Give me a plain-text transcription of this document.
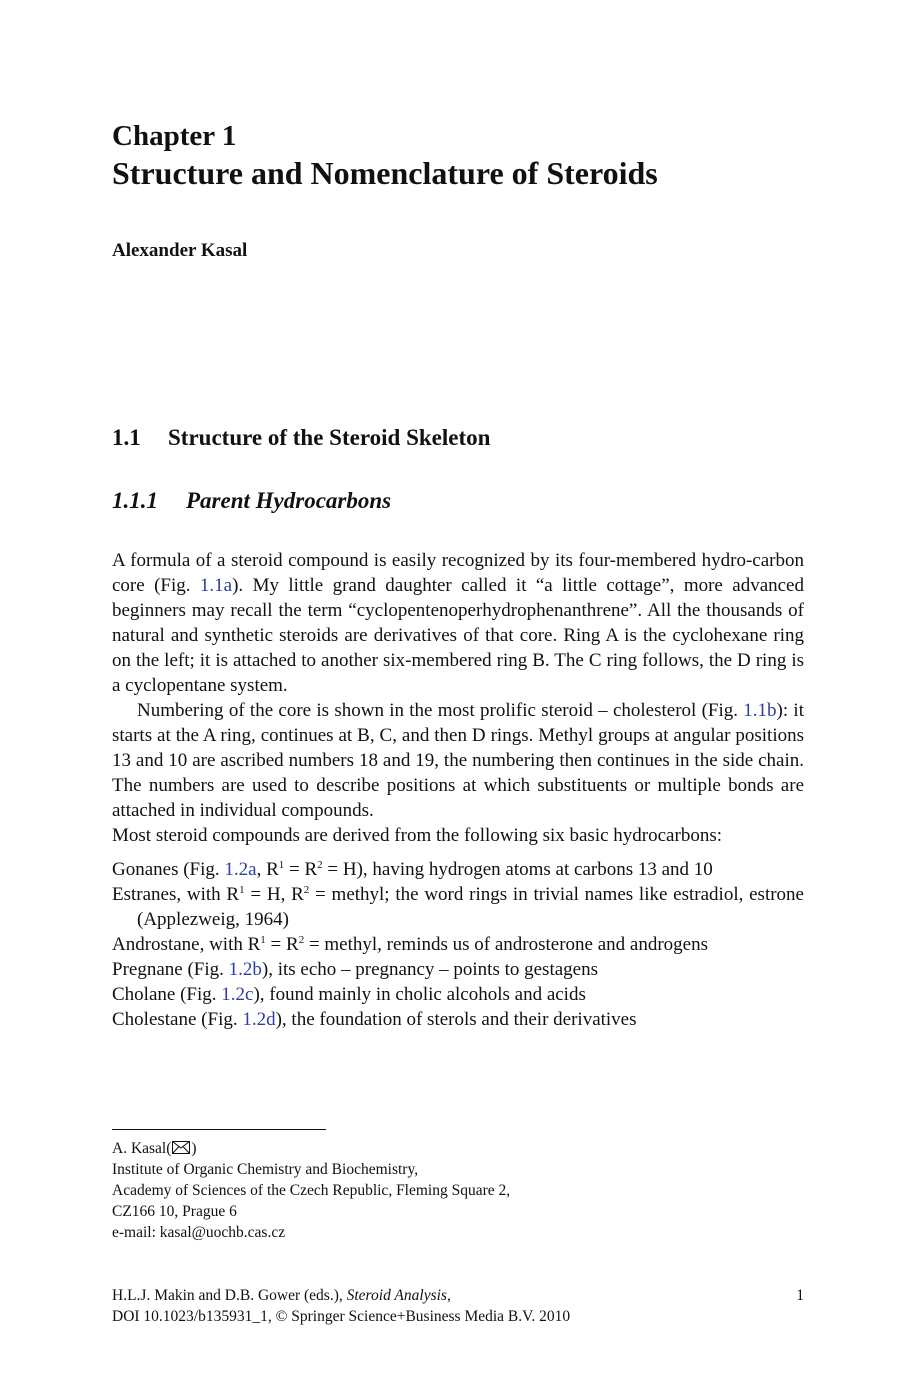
Chapter 1
Structure and Nomenclature of Steroids
Alexander Kasal
1.1 Structure of the Steroid Skeleton
1.1.1 Parent Hydrocarbons

A formula of a steroid compound is easily recognized by its four-membered hydro-carbon core (Fig. 1.1a). My little grand daughter called it “a little cottage”, more advanced beginners may recall the term “cyclopentenoperhydrophenanthrene”. All the thousands of natural and synthetic steroids are derivatives of that core. Ring A is the cyclohexane ring on the left; it is attached to another six-membered ring B. The C ring follows, the D ring is a cyclopentane system.

Numbering of the core is shown in the most prolific steroid – cholesterol (Fig. 1.1b): it starts at the A ring, continues at B, C, and then D rings. Methyl groups at angular positions 13 and 10 are ascribed numbers 18 and 19, the numbering then continues in the side chain. The numbers are used to describe positions at which substituents or multiple bonds are attached in individual compounds.

Most steroid compounds are derived from the following six basic hydrocarbons:

Gonanes (Fig. 1.2a, $R^1 = R^2 = H$), having hydrogen atoms at carbons 13 and 10
Estranes, with $R^1 = H$, $R^2$ = methyl; the word rings in trivial names like estradiol, estrone (Applezweig, 1964)
Androstane, with $R^1 = R^2$ = methyl, reminds us of androsterone and androgens
Pregnane (Fig. 1.2b), its echo – pregnancy – points to gestagens
Cholane (Fig. 1.2c), found mainly in cholic alcohols and acids
Cholestane (Fig. 1.2d), the foundation of sterols and their derivatives
A. Kasal( )
Institute of Organic Chemistry and Biochemistry,
Academy of Sciences of the Czech Republic, Fleming Square 2,
CZ166 10, Prague 6
e-mail: kasal@uochb.cas.cz
H.L.J. Makin and D.B. Gower (eds.), Steroid Analysis,
DOI 10.1023/b135931_1, © Springer Science+Business Media B.V. 2010
1
